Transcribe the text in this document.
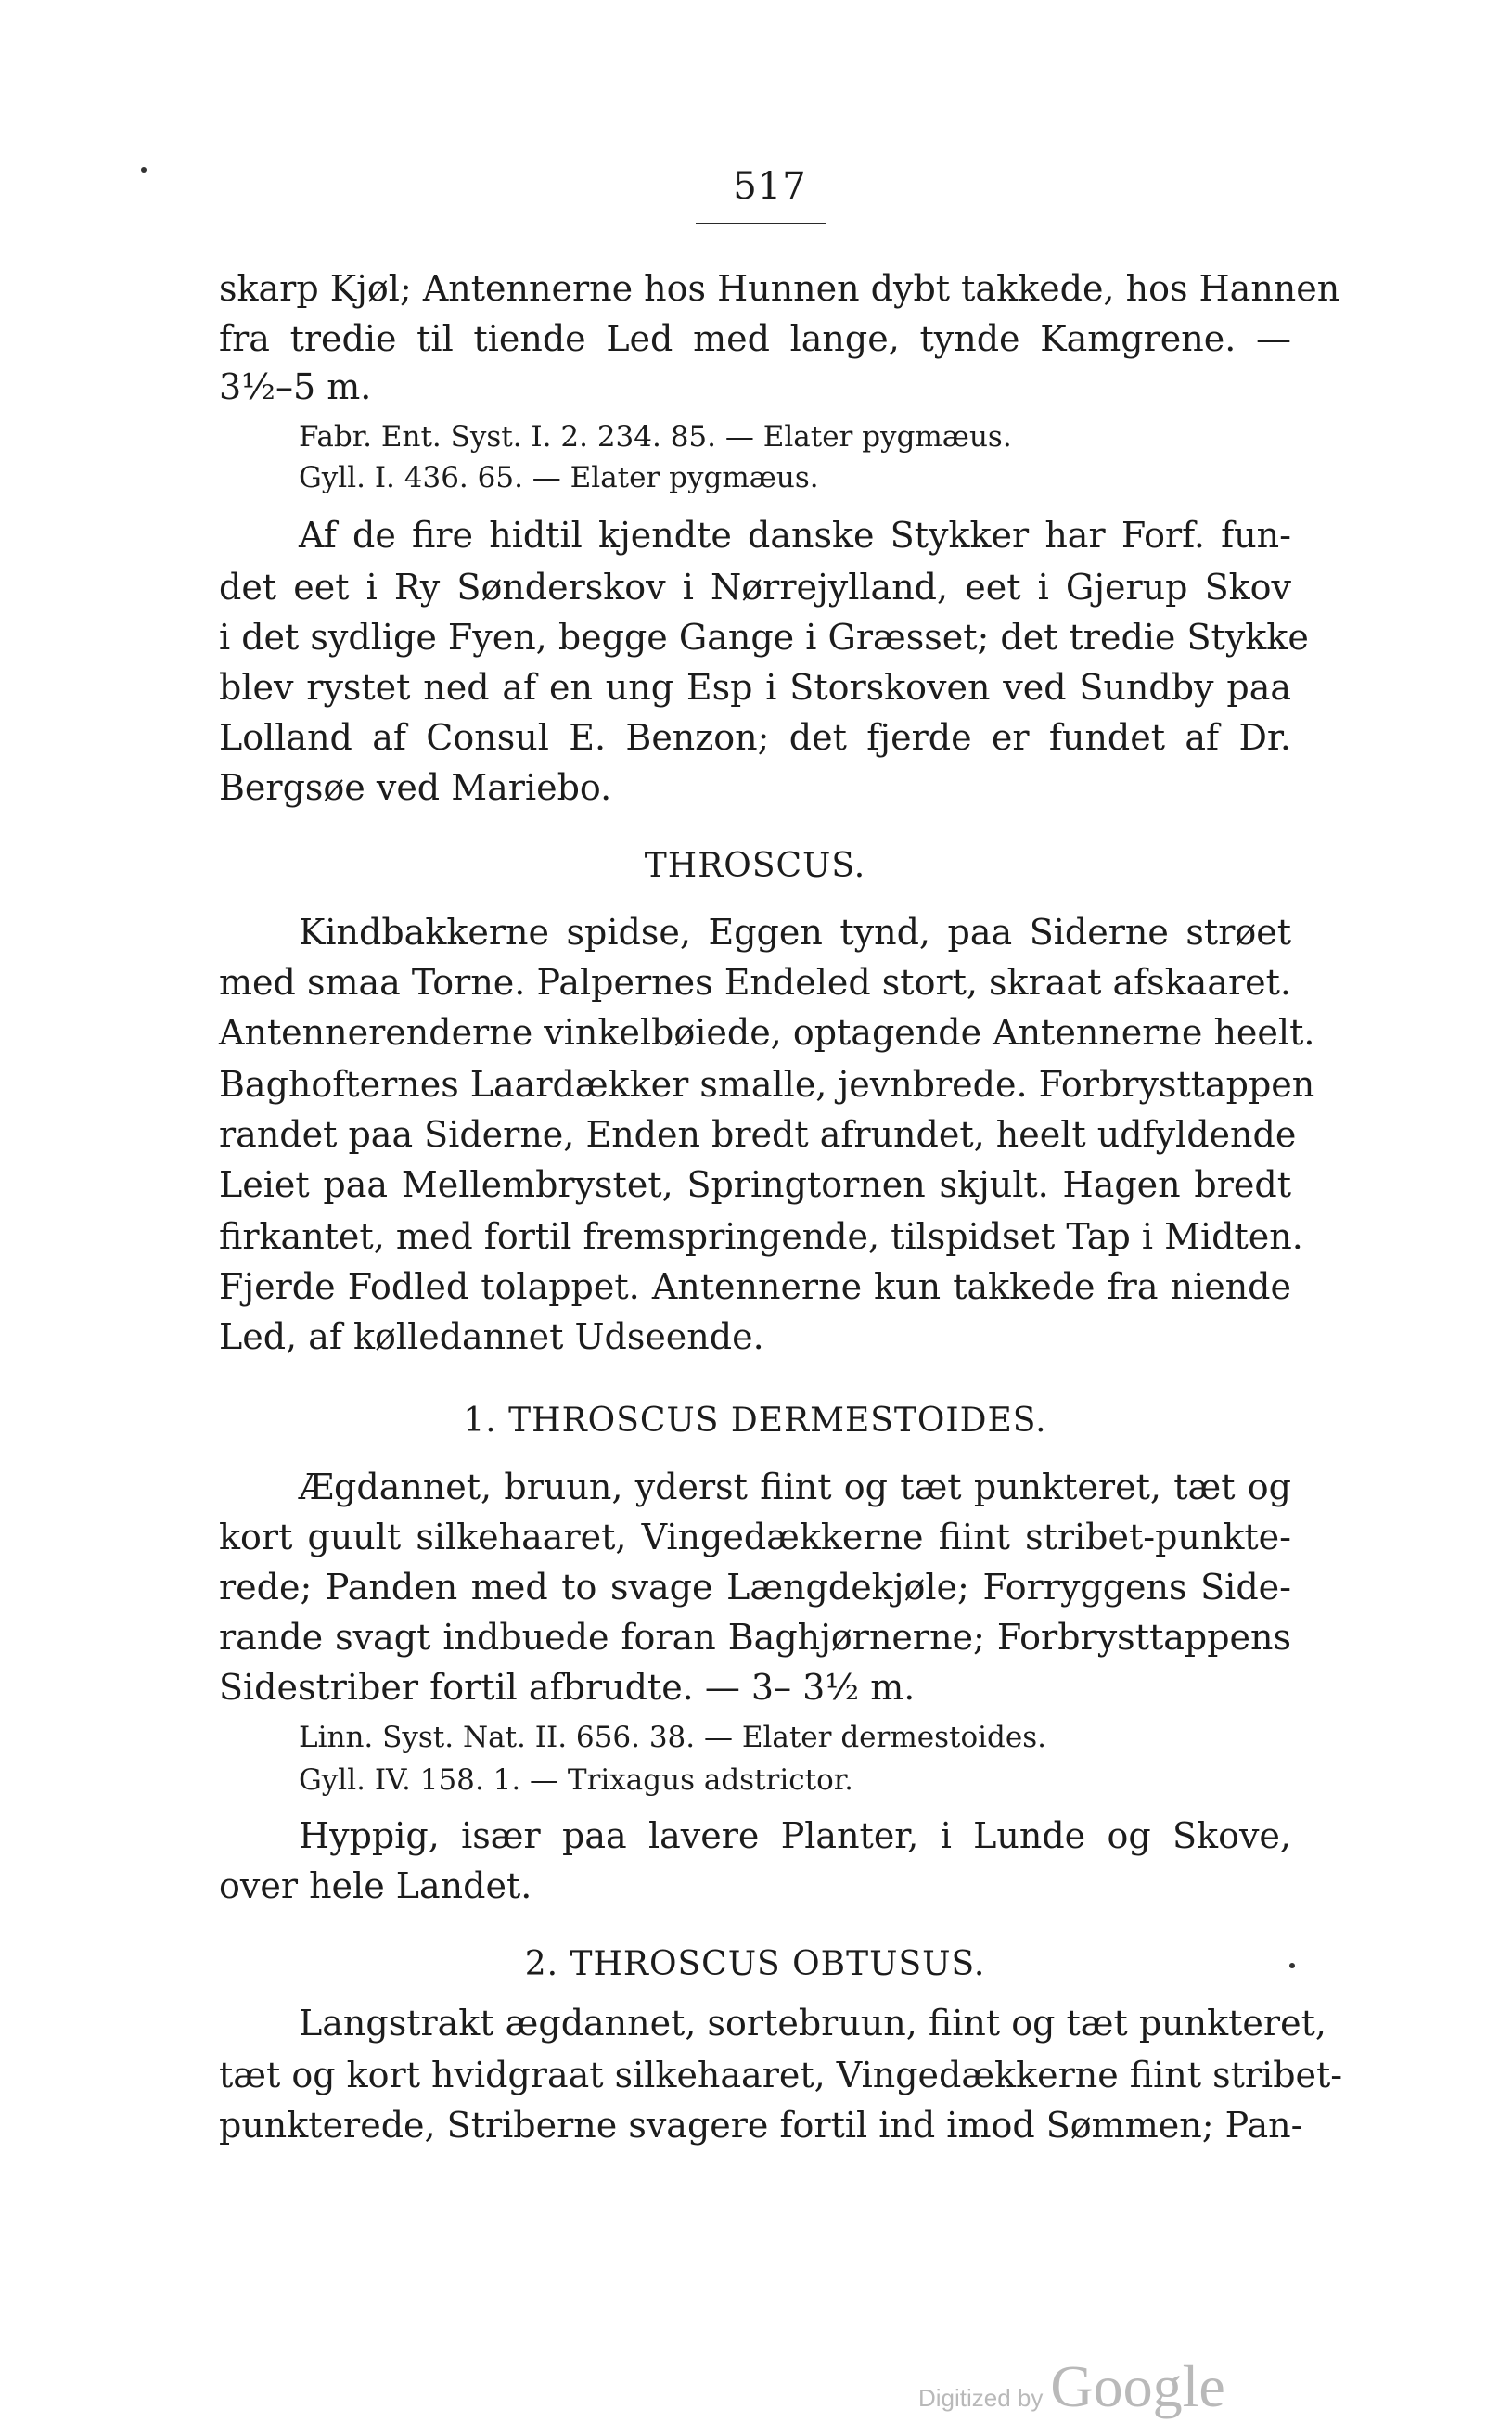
517
skarp Kjøl; Antennerne hos Hunnen dybt takkede, hos Hannen
fra tredie til tiende Led med lange, tynde Kamgrene. —
3½–5 m.
Fabr. Ent. Syst. I. 2. 234. 85. — Elater pygmæus.
Gyll. I. 436. 65. — Elater pygmæus.
Af de fire hidtil kjendte danske Stykker har Forf. fun-
det eet i Ry Sønderskov i Nørrejylland, eet i Gjerup Skov
i det sydlige Fyen, begge Gange i Græsset; det tredie Stykke
blev rystet ned af en ung Esp i Storskoven ved Sundby paa
Lolland af Consul E. Benzon; det fjerde er fundet af Dr.
Bergsøe ved Mariebo.
THROSCUS.
Kindbakkerne spidse, Eggen tynd, paa Siderne strøet
med smaa Torne. Palpernes Endeled stort, skraat afskaaret.
Antennerenderne vinkelbøiede, optagende Antennerne heelt.
Baghofternes Laardækker smalle, jevnbrede. Forbrysttappen
randet paa Siderne, Enden bredt afrundet, heelt udfyldende
Leiet paa Mellembrystet, Springtornen skjult. Hagen bredt
firkantet, med fortil fremspringende, tilspidset Tap i Midten.
Fjerde Fodled tolappet. Antennerne kun takkede fra niende
Led, af kølledannet Udseende.
1. THROSCUS DERMESTOIDES.
Ægdannet, bruun, yderst fiint og tæt punkteret, tæt og
kort guult silkehaaret, Vingedækkerne fiint stribet-punkte-
rede; Panden med to svage Længdekjøle; Forryggens Side-
rande svagt indbuede foran Baghjørnerne; Forbrysttappens
Sidestriber fortil afbrudte. — 3– 3½ m.
Linn. Syst. Nat. II. 656. 38. — Elater dermestoides.
Gyll. IV. 158. 1. — Trixagus adstrictor.
Hyppig, især paa lavere Planter, i Lunde og Skove,
over hele Landet.
2. THROSCUS OBTUSUS.
Langstrakt ægdannet, sortebruun, fiint og tæt punkteret,
tæt og kort hvidgraat silkehaaret, Vingedækkerne fiint stribet-
punkterede, Striberne svagere fortil ind imod Sømmen; Pan-
Digitized by Google
